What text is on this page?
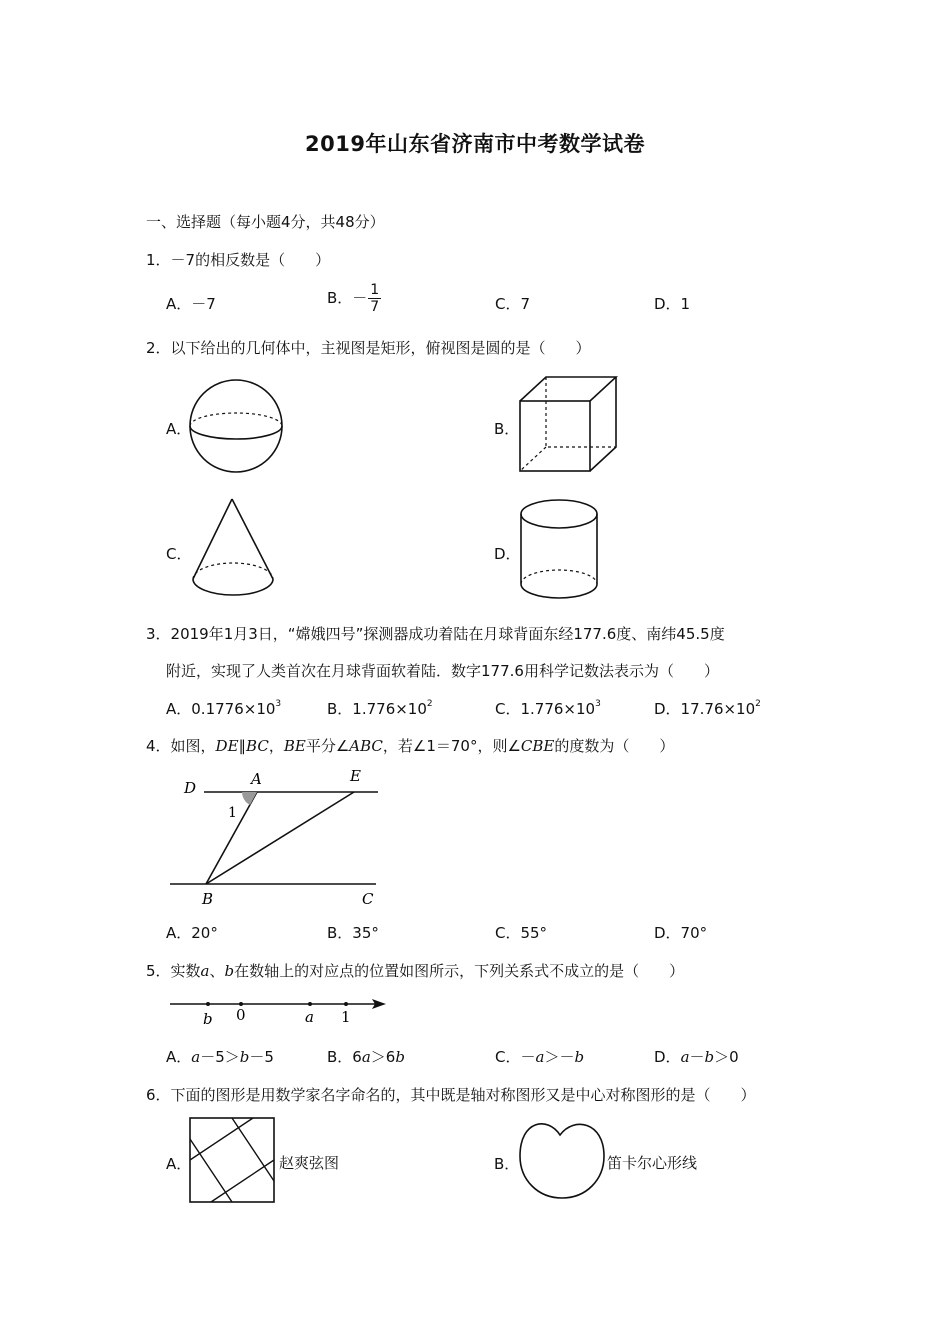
2019年山东省济南市中考数学试卷
一、选择题（每小题4分，共48分）
1．－7的相反数是（　　）
A．－7	B．－ $\frac{1}{7}$	C．7	D．1
2．以下给出的几何体中，主视图是矩形，俯视图是圆的是（　　）
A．	B．
C．	D．
3．2019年1月3日，“嫦娥四号”探测器成功着陆在月球背面东经177.6度、南纬45.5度
附近，实现了人类首次在月球背面软着陆．数字177.6用科学记数法表示为（　　）
A．$0.1776\times 10^3$	B．$1.776\times 10^2$	C．$1.776\times 10^3$	D．$17.76\times 10^2$
4．如图，DE∥BC，BE平分∠ABC，若∠1＝70°，则∠CBE的度数为（　　）
D	A	E
1
B	C
A．20°	B．35°	C．55°	D．70°
5．实数a、b在数轴上的对应点的位置如图所示，下列关系式不成立的是（　　）
b 0	a 1
A．a－5＞b－5	B．6a＞6b	C．－a＞－b	D．a－b＞0
6．下面的图形是用数学家名字命名的，其中既是轴对称图形又是中心对称图形的是（　　）
A．	赵爽弦图	B．	笛卡尔心形线
